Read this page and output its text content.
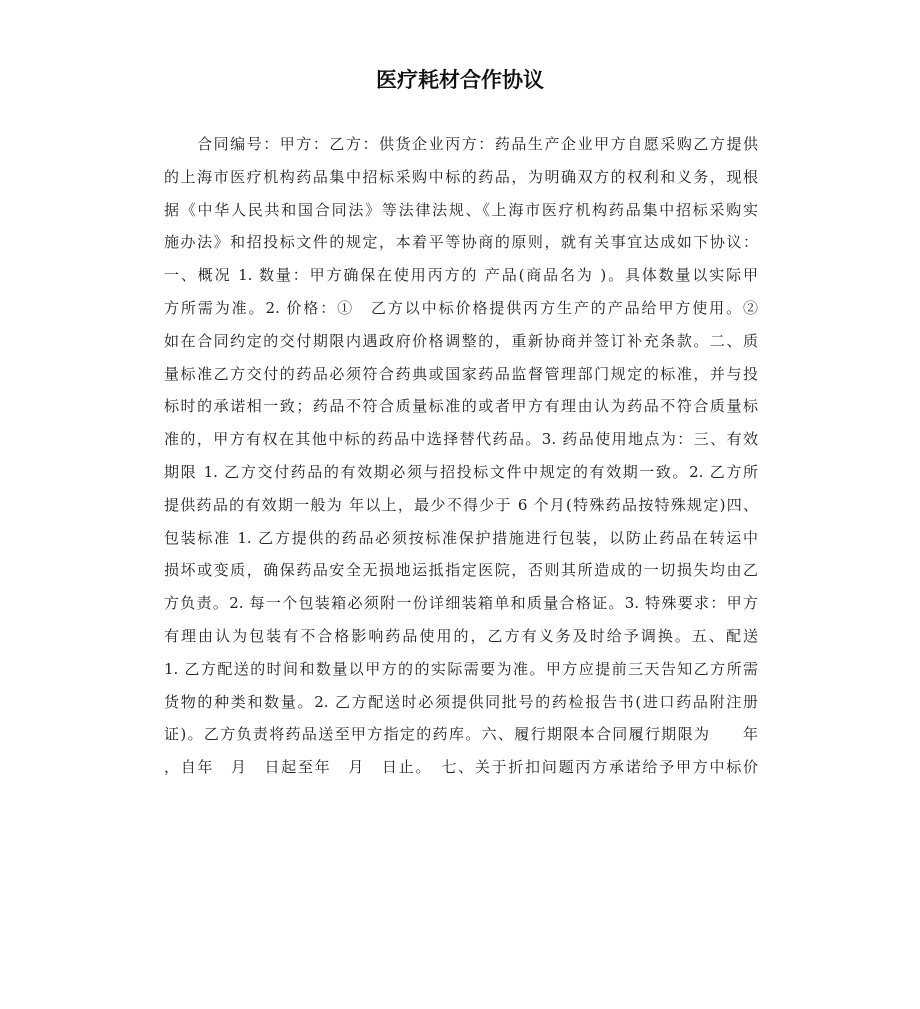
医疗耗材合作协议
　　合同编号：甲方：乙方：供货企业丙方：药品生产企业甲方自愿采购乙方提供
的上海市医疗机构药品集中招标采购中标的药品，为明确双方的权利和义务，现根
据《中华人民共和国合同法》等法律法规、《上海市医疗机构药品集中招标采购实
施办法》和招投标文件的规定，本着平等协商的原则，就有关事宜达成如下协议：
一、概况 1. 数量：甲方确保在使用丙方的 产品(商品名为 )。具体数量以实际甲
方所需为准。2. 价格：①　乙方以中标价格提供丙方生产的产品给甲方使用。②
如在合同约定的交付期限内遇政府价格调整的，重新协商并签订补充条款。二、质
量标准乙方交付的药品必须符合药典或国家药品监督管理部门规定的标准，并与投
标时的承诺相一致；药品不符合质量标准的或者甲方有理由认为药品不符合质量标
准的，甲方有权在其他中标的药品中选择替代药品。3. 药品使用地点为：三、有效
期限 1. 乙方交付药品的有效期必须与招投标文件中规定的有效期一致。2. 乙方所
提供药品的有效期一般为 年以上，最少不得少于 6 个月(特殊药品按特殊规定)四、
包装标准 1. 乙方提供的药品必须按标准保护措施进行包装，以防止药品在转运中
损坏或变质，确保药品安全无损地运抵指定医院，否则其所造成的一切损失均由乙
方负责。2. 每一个包装箱必须附一份详细装箱单和质量合格证。3. 特殊要求：甲方
有理由认为包装有不合格影响药品使用的，乙方有义务及时给予调换。五、配送
1. 乙方配送的时间和数量以甲方的的实际需要为准。甲方应提前三天告知乙方所需
货物的种类和数量。2. 乙方配送时必须提供同批号的药检报告书(进口药品附注册
证)。乙方负责将药品送至甲方指定的药库。六、履行期限本合同履行期限为　　年
，自年　月　日起至年　月　日止。　七、关于折扣问题丙方承诺给予甲方中标价
